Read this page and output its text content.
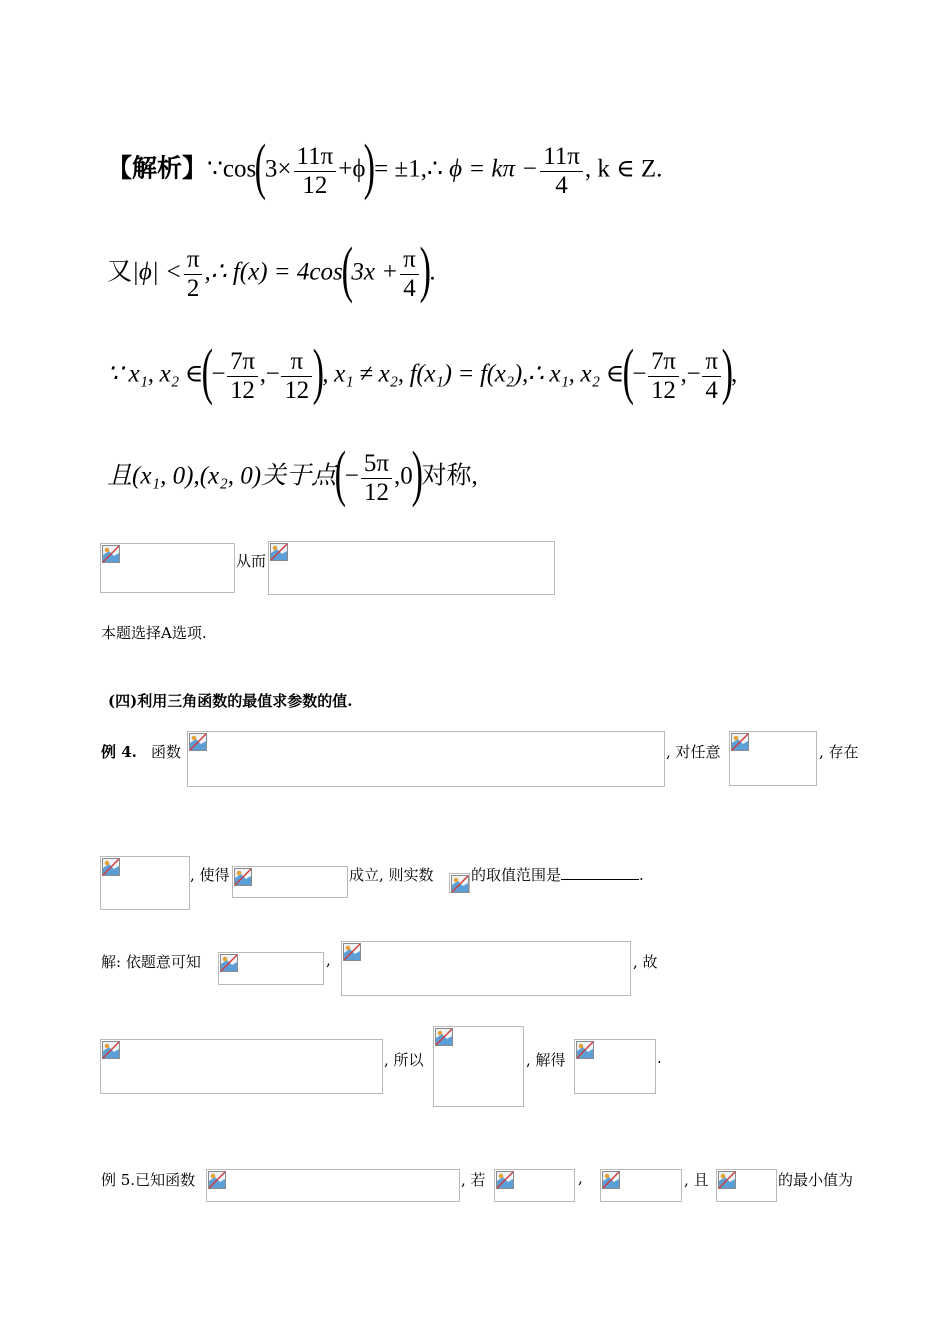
【解析】∵cos(3× $\frac{11\pi}{12} +\phi)=$ ±1,∴ $\phi = k\pi - \frac{11\pi}{4}$ , k ∈ Z.
又$|\phi| < \frac{\pi}{2}$ ,∴ $f(x) = 4\cos(3x + \frac{\pi}{4}$ ).
∵ x₁, x₂ ∈(− $\frac{7\pi}{12}$ ,− $\frac{\pi}{12}$ ), x₁ ≠ x₂, f(x₁) = f(x₂),∴ x₁, x₂ ∈(− $\frac{7\pi}{12}$ ,− $\frac{\pi}{4}$ ),
且(x₁, 0),(x₂, 0)关于点(− $\frac{5\pi}{12} ,0$)对称,
从而
本题选择A选项.
(四)利用三角函数的最值求参数的值.
例 4. 函数	, 对任意	, 存在
, 使得	成立, 则实数 的取值范围是	.
解: 依题意可知	,	, 故
, 所以	, 解得	.
例 5.已知函数	, 若	,	, 且	的最小值为
